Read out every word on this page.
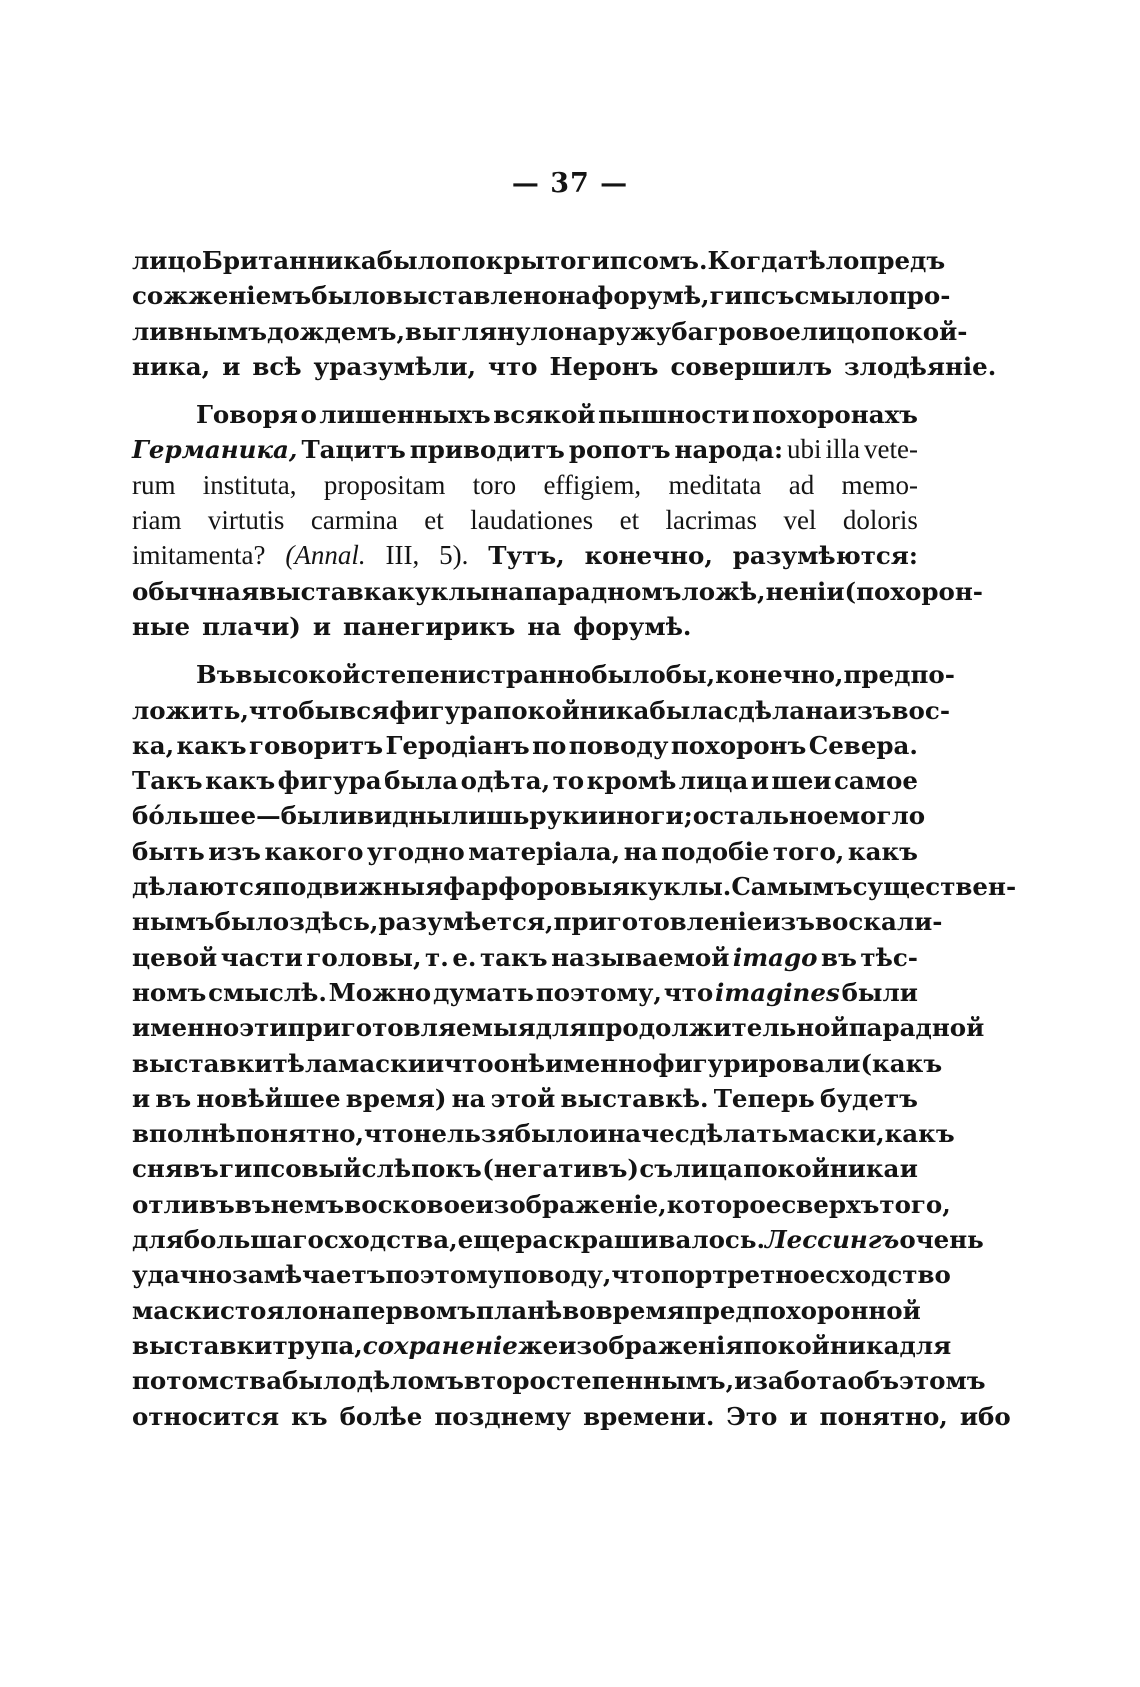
— 37 —
лицо Британника было покрыто гипсомъ. Когда тѣло предъ
сожженіемъ было выставлено на форумѣ, гипсъ смыло про-
ливнымъ дождемъ, выглянуло наружу багровое лицо покой-
ника, и всѣ уразумѣли, что Неронъ совершилъ злодѣяніе.
Говоря о лишенныхъ всякой пышности похоронахъ
Германика, Тацитъ приводитъ ропотъ народа: ubi illa vete-
rum instituta, propositam toro effigiem, meditata ad memo-
riam virtutis carmina et laudationes et lacrimas vel doloris
imitamenta? (Annal. III, 5). Тутъ, конечно, разумѣются:
обычная выставка куклы на парадномъ ложѣ, неніи (похорон-
ные плачи) и панегирикъ на форумѣ.
Въ высокой степени странно было бы, конечно, предпо-
ложить, чтобы вся фигура покойника была сдѣлана изъ вос-
ка, какъ говоритъ Геродіанъ по поводу похоронъ Севера.
Такъ какъ фигура была одѣта, то кромѣ лица и шеи самое
бóльшее—были видны лишь руки и ноги; остальное могло
быть изъ какого угодно матеріала, на подобіе того, какъ
дѣлаются подвижныя фарфоровыя куклы. Самымъ существен-
нымъ было здѣсь, разумѣется, приготовленіе изъ воска ли-
цевой части головы, т. е. такъ называемой imago въ тѣс-
номъ смыслѣ. Можно думать поэтому, что imagines были
именно эти приготовляемыя для продолжительной парадной
выставки тѣла маски и что онѣ именно фигурировали (какъ
и въ новѣйшее время) на этой выставкѣ. Теперь будетъ
вполнѣ понятно, что нельзя было иначе сдѣлать маски, какъ
снявъ гипсовый слѣпокъ (негативъ) съ лица покойника и
отливъ въ немъ восковое изображеніе, которое сверхъ того,
для большаго сходства, еще раскрашивалось. Лессингъ очень
удачно замѣчаетъ по этому поводу, что портретное сходство
маски стояло на первомъ планѣ во время предпохоронной
выставки трупа, сохраненіе же изображенія покойника для
потомства было дѣломъ второстепеннымъ, и забота объ этомъ
относится къ болѣе позднему времени. Это и понятно, ибо
